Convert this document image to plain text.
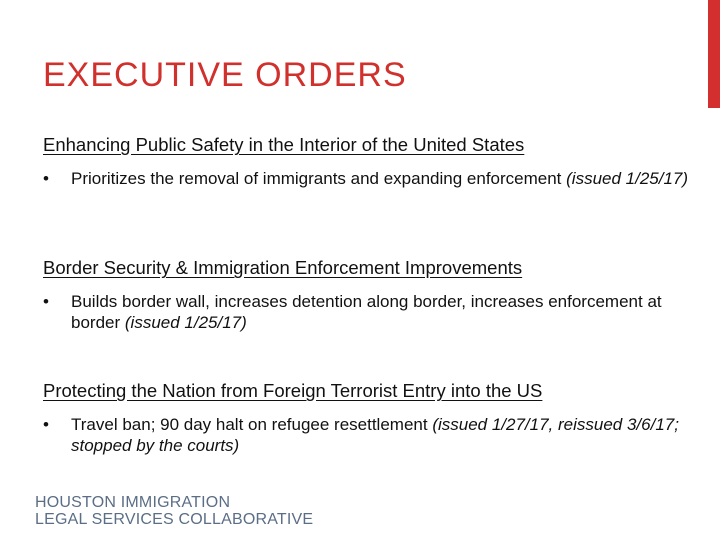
EXECUTIVE ORDERS
Enhancing Public Safety in the Interior of the United States
• Prioritizes the removal of immigrants and expanding enforcement (issued 1/25/17)
Border Security & Immigration Enforcement Improvements
• Builds border wall, increases detention along border, increases enforcement at border (issued 1/25/17)
Protecting the Nation from Foreign Terrorist Entry into the US
• Travel ban; 90 day halt on refugee resettlement (issued 1/27/17, reissued 3/6/17; stopped by the courts)
HOUSTON IMMIGRATION
LEGAL SERVICES COLLABORATIVE
